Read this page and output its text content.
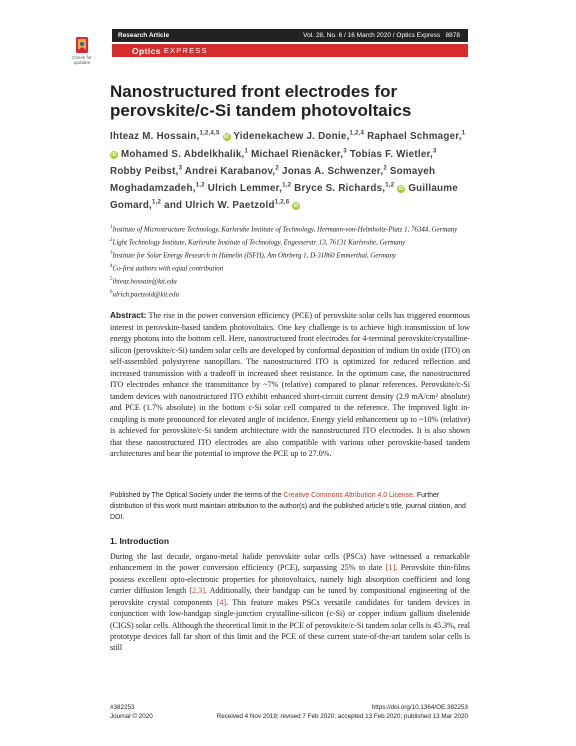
Research Article	Vol. 28, No. 6 / 16 March 2020 / Optics Express 8878
Check for
updates
Optics EXPRESS
Nanostructured front electrodes for perovskite/c-Si tandem photovoltaics
Ihteaz M. Hossain,$^{1,2,4,5}$ iD Yidenekachew J. Donie,$^{1,2,4}$ Raphael Schmager,$^1$ iD Mohamed S. Abdelkhalik,$^1$ Michael Rienäcker,$^3$ Tobias F. Wietler,$^3$ Robby Peibst,$^3$ Andrei Karabanov,$^2$ Jonas A. Schwenzer,$^2$ Somayeh Moghadamzadeh,$^{1,2}$ Ulrich Lemmer,$^{1,2}$ Bryce S. Richards,$^{1,2}$ iD Guillaume Gomard,$^{1,2}$ and Ulrich W. Paetzold$^{1,2,6}$ iD
$^1$Institute of Microstructure Technology, Karlsruhe Institute of Technology, Hermann-von-Helmholtz-Platz 1, 76344, Germany
$^2$Light Technology Institute, Karlsruhe Institute of Technology, Engesserstr. 13, 76131 Karlsruhe, Germany
$^3$Institute for Solar Energy Research in Hamelin (ISFH), Am Ohrberg 1, D-31860 Emmerthal, Germany
$^4$Co-first authors with equal contribution
$^5$ihteaz.hossain@kit.edu
$^6$ulrich.paetzold@kit.edu
Abstract: The rise in the power conversion efficiency (PCE) of perovskite solar cells has triggered enormous interest in perovskite-based tandem photovoltaics. One key challenge is to achieve high transmission of low energy photons into the bottom cell. Here, nanostructured front electrodes for 4-terminal perovskite/crystalline-silicon (perovskite/c-Si) tandem solar cells are developed by conformal deposition of indium tin oxide (ITO) on self-assembled polystyrene nanopillars. The nanostructured ITO is optimized for reduced reflection and increased transmission with a tradeoff in increased sheet resistance. In the optimum case, the nanostructured ITO electrodes enhance the transmittance by ~7% (relative) compared to planar references. Perovskite/c-Si tandem devices with nanostructured ITO exhibit enhanced short-circuit current density (2.9 mA/cm² absolute) and PCE (1.7% absolute) in the bottom c-Si solar cell compared to the reference. The improved light in-coupling is more pronounced for elevated angle of incidence. Energy yield enhancement up to ~10% (relative) is achieved for perovskite/c-Si tandem architecture with the nanostructured ITO electrodes. It is also shown that these nanostructured ITO electrodes are also compatible with various other perovskite-based tandem architectures and bear the potential to improve the PCE up to 27.0%.
Published by The Optical Society under the terms of the Creative Commons Attribution 4.0 License. Further distribution of this work must maintain attribution to the author(s) and the published article’s title, journal citation, and DOI.
1. Introduction
During the last decade, organo-metal halide perovskite solar cells (PSCs) have witnessed a remarkable enhancement in the power conversion efficiency (PCE), surpassing 25% to date [1]. Perovskite thin-films possess excellent opto-electronic properties for photovoltaics, namely high absorption coefficient and long carrier diffusion length [2,3]. Additionally, their bandgap can be tuned by compositional engineering of the perovskite crystal components [4]. This feature makes PSCs versatile candidates for tandem devices in conjunction with low-bandgap single-junction crystalline-silicon (c-Si) or copper indium gallium diselenide (CIGS) solar cells. Although the theoretical limit in the PCE of perovskite/c-Si tandem solar cells is 45.3%, real prototype devices fall far short of this limit and the PCE of these current state-of-the-art tandem solar cells is still
#382253
Journal © 2020
https://doi.org/10.1364/OE.382253
Received 4 Nov 2019; revised 7 Feb 2020; accepted 13 Feb 2020; published 13 Mar 2020
